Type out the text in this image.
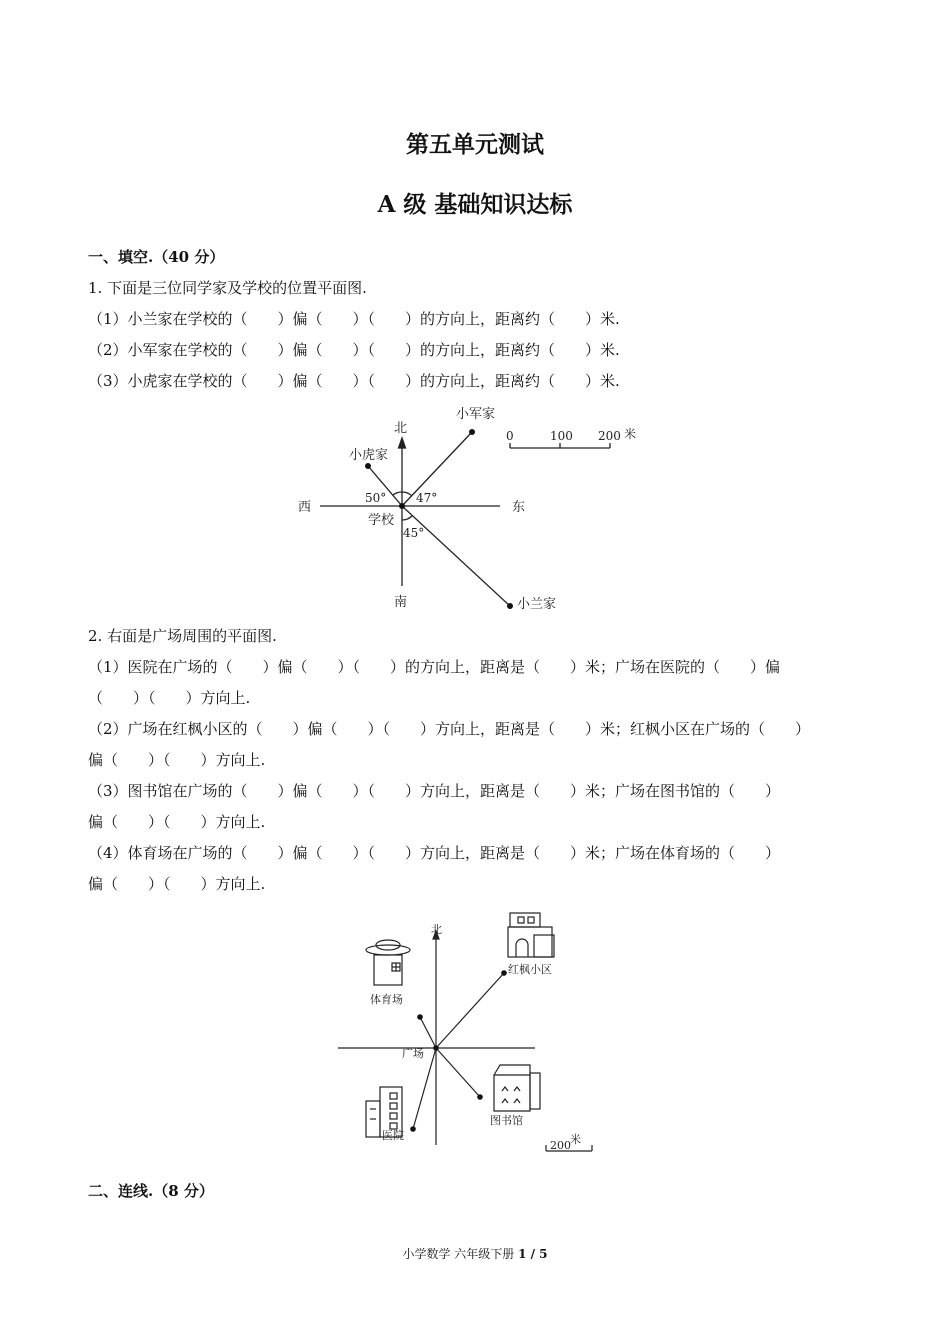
第五单元测试
A 级 基础知识达标
一、填空.（40 分）
1. 下面是三位同学家及学校的位置平面图.
（1）小兰家在学校的（　　）偏（　　）（　　）的方向上，距离约（　　）米.
（2）小军家在学校的（　　）偏（　　）（　　）的方向上，距离约（　　）米.
（3）小虎家在学校的（　　）偏（　　）（　　）的方向上，距离约（　　）米.
北
南
西	东
学校
小军家
小虎家
小兰家
47°
50°
45°
0	100 200 米
2. 右面是广场周围的平面图.
（1）医院在广场的（　　）偏（　　）（　　）的方向上，距离是（　　）米；广场在医院的（　　）偏
（　　）（　　）方向上.
（2）广场在红枫小区的（　　）偏（　　）（　　）方向上，距离是（　　）米；红枫小区在广场的（　　）
偏（　　）（　　）方向上.
（3）图书馆在广场的（　　）偏（　　）（　　）方向上，距离是（　　）米；广场在图书馆的（　　）
偏（　　）（　　）方向上.
（4）体育场在广场的（　　）偏（　　）（　　）方向上，距离是（　　）米；广场在体育场的（　　）
偏（　　）（　　）方向上.
北
广场
红枫小区
体育场
图书馆
医院	米
200
二、连线.（8 分）
小学数学 六年级下册 1 / 5
